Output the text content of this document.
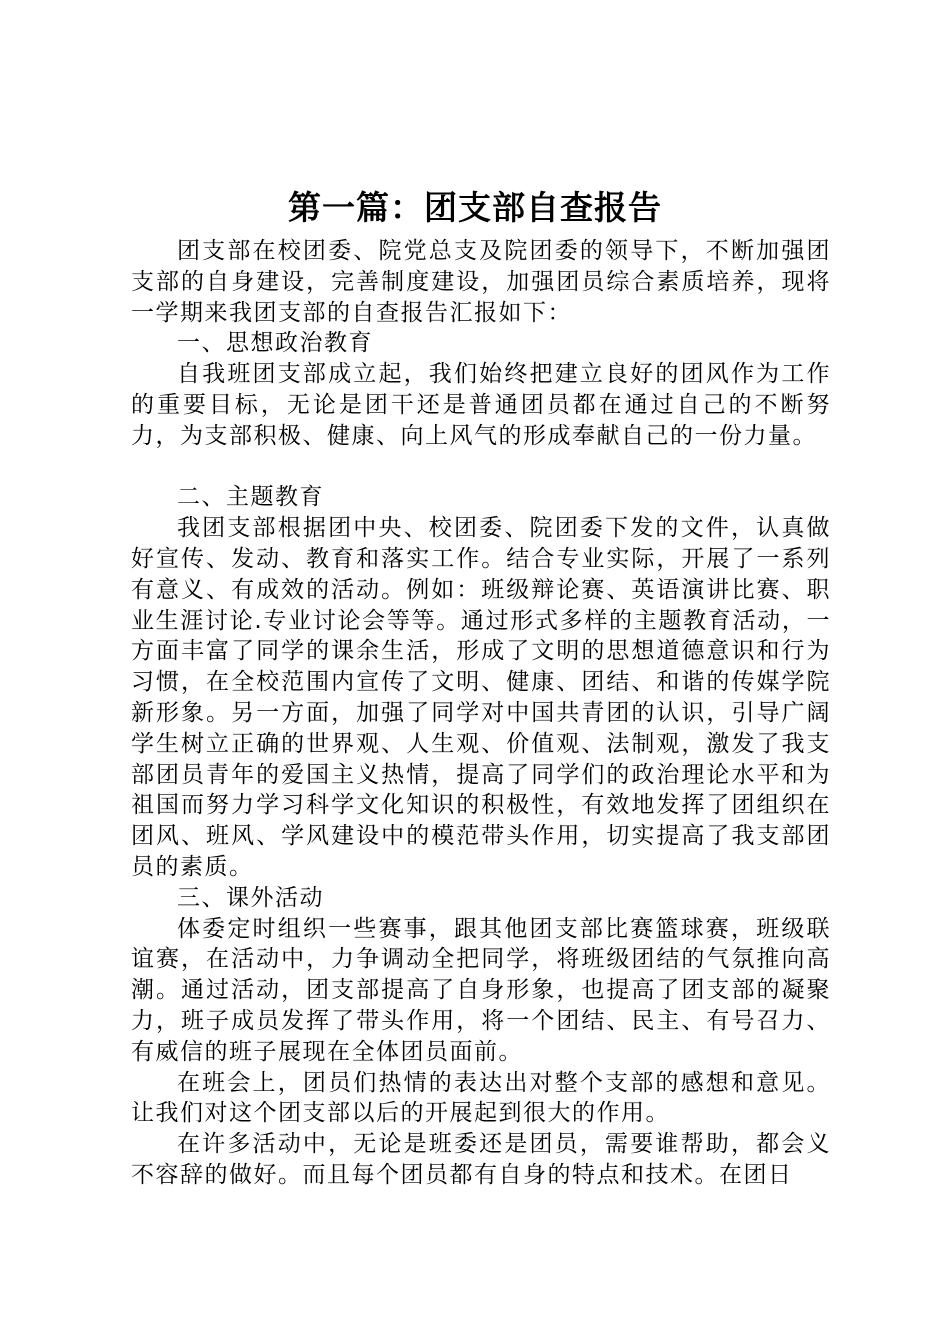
第一篇：团支部自查报告

团支部在校团委、院党总支及院团委的领导下，不断加强团支部的自身建设，完善制度建设，加强团员综合素质培养，现将一学期来我团支部的自查报告汇报如下：

一、思想政治教育

自我班团支部成立起，我们始终把建立良好的团风作为工作的重要目标，无论是团干还是普通团员都在通过自己的不断努力，为支部积极、健康、向上风气的形成奉献自己的一份力量。

二、主题教育

我团支部根据团中央、校团委、院团委下发的文件，认真做好宣传、发动、教育和落实工作。结合专业实际，开展了一系列有意义、有成效的活动。例如：班级辩论赛、英语演讲比赛、职业生涯讨论.专业讨论会等等。通过形式多样的主题教育活动，一方面丰富了同学的课余生活，形成了文明的思想道德意识和行为习惯，在全校范围内宣传了文明、健康、团结、和谐的传媒学院新形象。另一方面，加强了同学对中国共青团的认识，引导广阔学生树立正确的世界观、人生观、价值观、法制观，激发了我支部团员青年的爱国主义热情，提高了同学们的政治理论水平和为祖国而努力学习科学文化知识的积极性，有效地发挥了团组织在团风、班风、学风建设中的模范带头作用，切实提高了我支部团员的素质。

三、课外活动

体委定时组织一些赛事，跟其他团支部比赛篮球赛，班级联谊赛，在活动中，力争调动全把同学，将班级团结的气氛推向高潮。通过活动，团支部提高了自身形象，也提高了团支部的凝聚力，班子成员发挥了带头作用，将一个团结、民主、有号召力、有威信的班子展现在全体团员面前。

在班会上，团员们热情的表达出对整个支部的感想和意见。让我们对这个团支部以后的开展起到很大的作用。

在许多活动中，无论是班委还是团员，需要谁帮助，都会义不容辞的做好。而且每个团员都有自身的特点和技术。在团日
